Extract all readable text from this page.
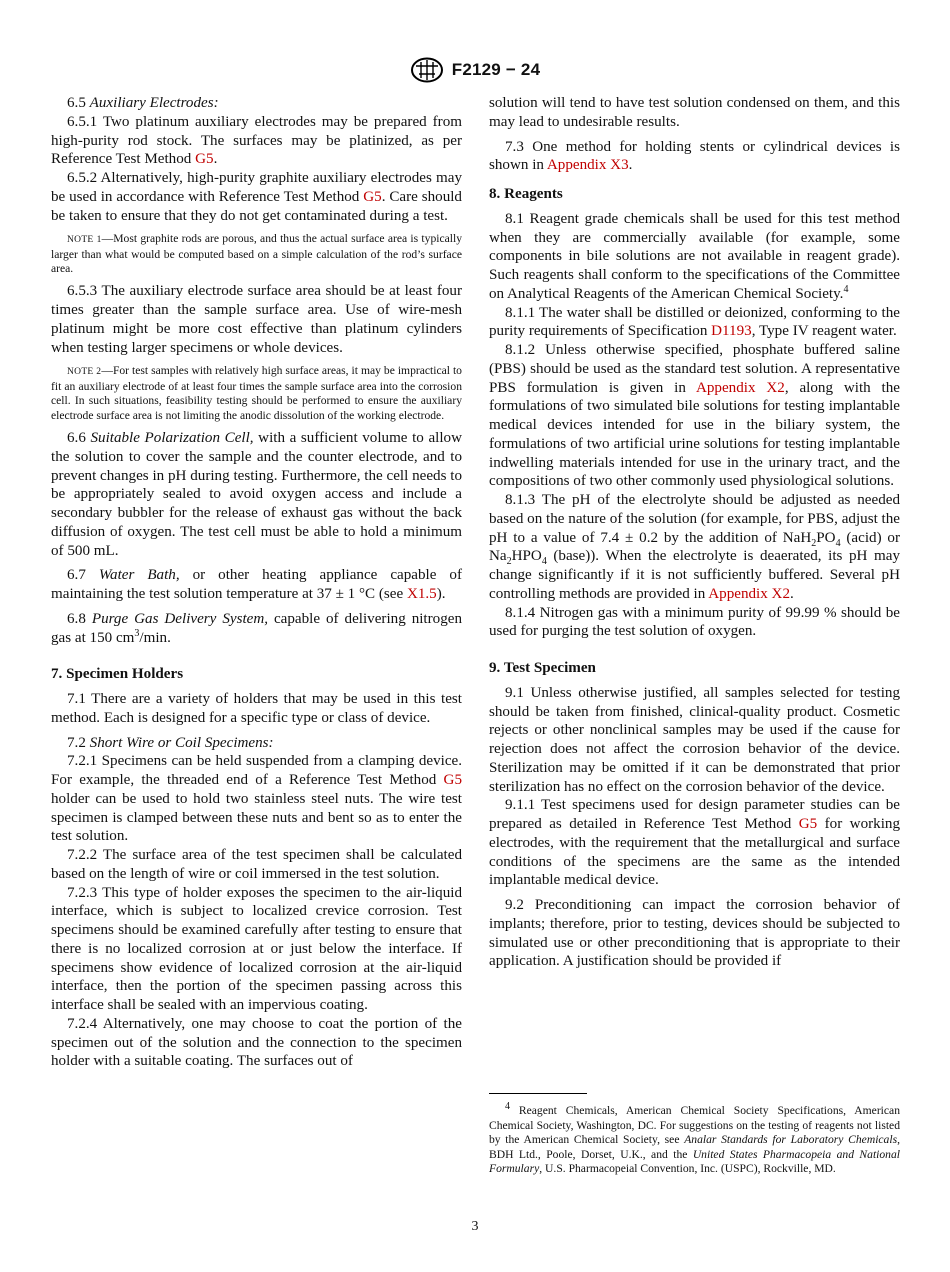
F2129 − 24

6.5 Auxiliary Electrodes:

6.5.1 Two platinum auxiliary electrodes may be prepared from high-purity rod stock. The surfaces may be platinized, as per Reference Test Method G5.

6.5.2 Alternatively, high-purity graphite auxiliary electrodes may be used in accordance with Reference Test Method G5. Care should be taken to ensure that they do not get contaminated during a test.

NOTE 1—Most graphite rods are porous, and thus the actual surface area is typically larger than what would be computed based on a simple calculation of the rod’s surface area.

6.5.3 The auxiliary electrode surface area should be at least four times greater than the sample surface area. Use of wire-mesh platinum might be more cost effective than platinum cylinders when testing larger specimens or whole devices.

NOTE 2—For test samples with relatively high surface areas, it may be impractical to fit an auxiliary electrode of at least four times the sample surface area into the corrosion cell. In such situations, feasibility testing should be performed to ensure the auxiliary electrode surface area is not limiting the anodic dissolution of the working electrode.

6.6 Suitable Polarization Cell, with a sufficient volume to allow the solution to cover the sample and the counter electrode, and to prevent changes in pH during testing. Furthermore, the cell needs to be appropriately sealed to avoid oxygen access and include a secondary bubbler for the release of exhaust gas without the back diffusion of oxygen. The test cell must be able to hold a minimum of 500 mL.

6.7 Water Bath, or other heating appliance capable of maintaining the test solution temperature at 37 ± 1 °C (see X1.5).

6.8 Purge Gas Delivery System, capable of delivering nitrogen gas at 150 $cm^3/\min$.

7. Specimen Holders

7.1 There are a variety of holders that may be used in this test method. Each is designed for a specific type or class of device.

7.2 Short Wire or Coil Specimens:

7.2.1 Specimens can be held suspended from a clamping device. For example, the threaded end of a Reference Test Method G5 holder can be used to hold two stainless steel nuts. The wire test specimen is clamped between these nuts and bent so as to enter the test solution.

7.2.2 The surface area of the test specimen shall be calculated based on the length of wire or coil immersed in the test solution.

7.2.3 This type of holder exposes the specimen to the air-liquid interface, which is subject to localized crevice corrosion. Test specimens should be examined carefully after testing to ensure that there is no localized corrosion at or just below the interface. If specimens show evidence of localized corrosion at the air-liquid interface, then the portion of the specimen passing across this interface shall be sealed with an impervious coating.

7.2.4 Alternatively, one may choose to coat the portion of the specimen out of the solution and the connection to the specimen holder with a suitable coating. The surfaces out of

solution will tend to have test solution condensed on them, and this may lead to undesirable results.

7.3 One method for holding stents or cylindrical devices is shown in Appendix X3.

8. Reagents

8.1 Reagent grade chemicals shall be used for this test method when they are commercially available (for example, some components in bile solutions are not available in reagent grade). Such reagents shall conform to the specifications of the Committee on Analytical Reagents of the American Chemical Society.$^4$

8.1.1 The water shall be distilled or deionized, conforming to the purity requirements of Specification D1193, Type IV reagent water.

8.1.2 Unless otherwise specified, phosphate buffered saline (PBS) should be used as the standard test solution. A representative PBS formulation is given in Appendix X2, along with the formulations of two simulated bile solutions for testing implantable medical devices intended for use in the biliary system, the formulations of two artificial urine solutions for testing implantable indwelling materials intended for use in the urinary tract, and the compositions of two other commonly used physiological solutions.

8.1.3 The pH of the electrolyte should be adjusted as needed based on the nature of the solution (for example, for PBS, adjust the pH to a value of 7.4 ± 0.2 by the addition of $NaH_2PO_4$ (acid) or $Na_2HPO_4$ (base)). When the electrolyte is deaerated, its pH may change significantly if it is not sufficiently buffered. Several pH controlling methods are provided in Appendix X2.

8.1.4 Nitrogen gas with a minimum purity of 99.99 % should be used for purging the test solution of oxygen.

9. Test Specimen

9.1 Unless otherwise justified, all samples selected for testing should be taken from finished, clinical-quality product. Cosmetic rejects or other nonclinical samples may be used if the cause for rejection does not affect the corrosion behavior of the device. Sterilization may be omitted if it can be demonstrated that prior sterilization has no effect on the corrosion behavior of the device.

9.1.1 Test specimens used for design parameter studies can be prepared as detailed in Reference Test Method G5 for working electrodes, with the requirement that the metallurgical and surface conditions of the specimens are the same as the intended implantable medical device.

9.2 Preconditioning can impact the corrosion behavior of implants; therefore, prior to testing, devices should be subjected to simulated use or other preconditioning that is appropriate to their application. A justification should be provided if

$^4$ Reagent Chemicals, American Chemical Society Specifications, American Chemical Society, Washington, DC. For suggestions on the testing of reagents not listed by the American Chemical Society, see Analar Standards for Laboratory Chemicals, BDH Ltd., Poole, Dorset, U.K., and the United States Pharmacopeia and National Formulary, U.S. Pharmacopeial Convention, Inc. (USPC), Rockville, MD.
3
